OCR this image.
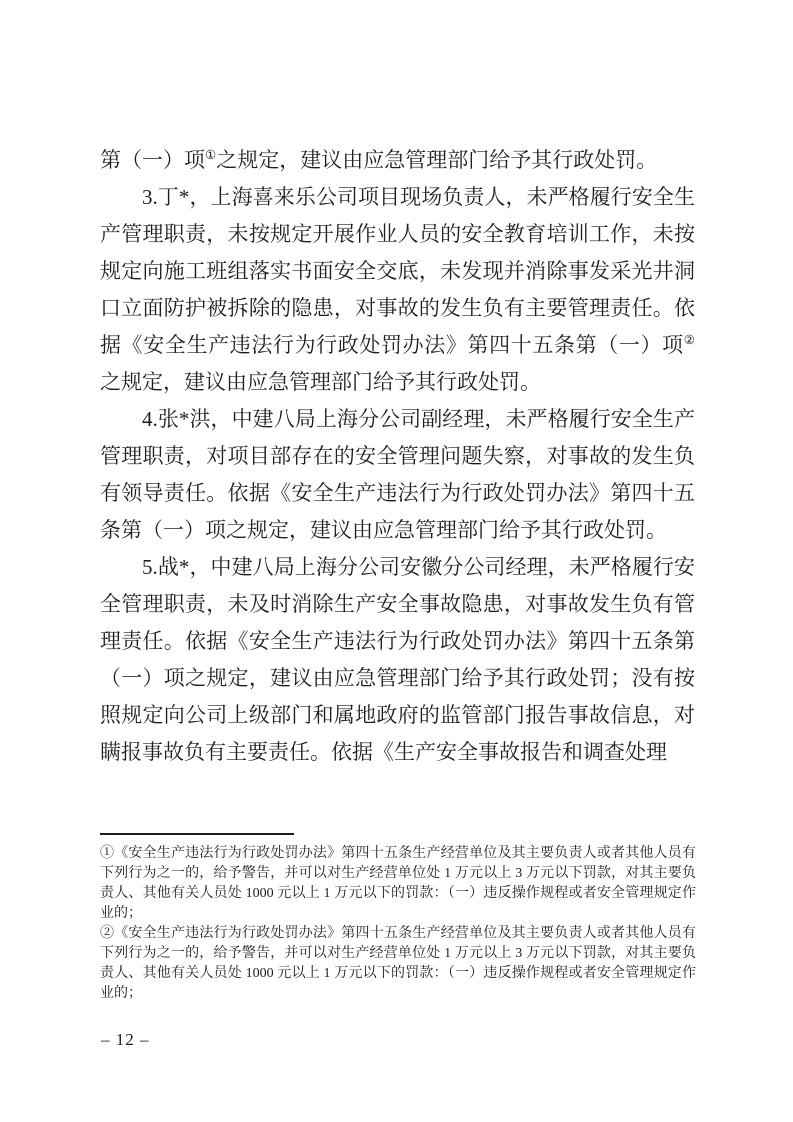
第（一）项①之规定，建议由应急管理部门给予其行政处罚。

3.丁*，上海喜来乐公司项目现场负责人，未严格履行安全生产管理职责，未按规定开展作业人员的安全教育培训工作，未按规定向施工班组落实书面安全交底，未发现并消除事发采光井洞口立面防护被拆除的隐患，对事故的发生负有主要管理责任。依据《安全生产违法行为行政处罚办法》第四十五条第（一）项②之规定，建议由应急管理部门给予其行政处罚。

4.张*洪，中建八局上海分公司副经理，未严格履行安全生产管理职责，对项目部存在的安全管理问题失察，对事故的发生负有领导责任。依据《安全生产违法行为行政处罚办法》第四十五条第（一）项之规定，建议由应急管理部门给予其行政处罚。

5.战*，中建八局上海分公司安徽分公司经理，未严格履行安全管理职责，未及时消除生产安全事故隐患，对事故发生负有管理责任。依据《安全生产违法行为行政处罚办法》第四十五条第（一）项之规定，建议由应急管理部门给予其行政处罚；没有按照规定向公司上级部门和属地政府的监管部门报告事故信息，对瞒报事故负有主要责任。依据《生产安全事故报告和调查处理

①《安全生产违法行为行政处罚办法》第四十五条生产经营单位及其主要负责人或者其他人员有下列行为之一的，给予警告，并可以对生产经营单位处 1 万元以上 3 万元以下罚款，对其主要负责人、其他有关人员处 1000 元以上 1 万元以下的罚款：（一）违反操作规程或者安全管理规定作业的；

②《安全生产违法行为行政处罚办法》第四十五条生产经营单位及其主要负责人或者其他人员有下列行为之一的，给予警告，并可以对生产经营单位处 1 万元以上 3 万元以下罚款，对其主要负责人、其他有关人员处 1000 元以上 1 万元以下的罚款：（一）违反操作规程或者安全管理规定作业的；

– 12 –
